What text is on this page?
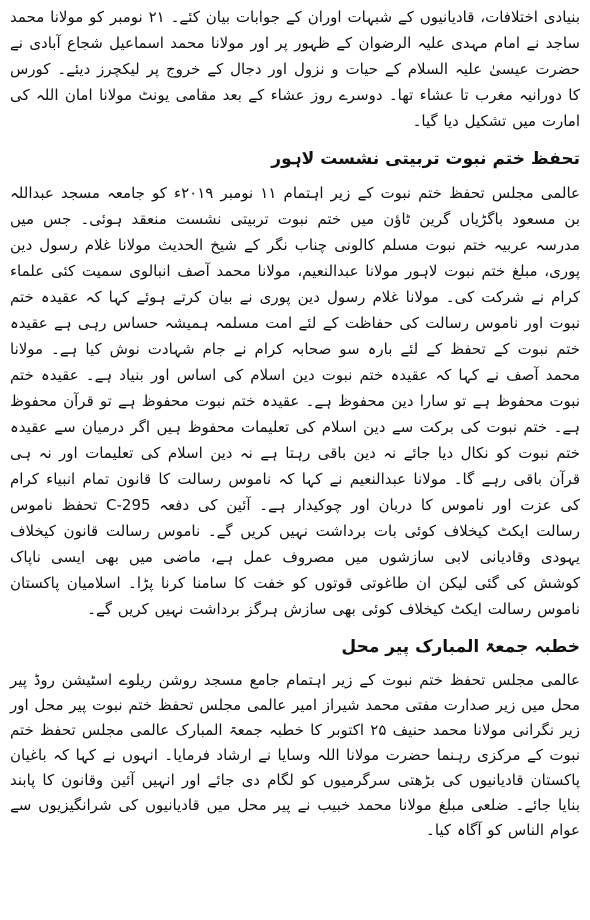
بنیادی اختلافات، قادیانیوں کے شبہات اوران کے جوابات بیان کئے۔ ۲۱ نومبر کو مولانا محمد ساجد نے امام مہدی علیہ الرضوان کے ظہور پر اور مولانا محمد اسماعیل شجاع آبادی نے حضرت عیسیٰ علیہ السلام کے حیات و نزول اور دجال کے خروج پر لیکچرز دیئے۔ کورس کا دورانیہ مغرب تا عشاء تھا۔ دوسرے روز عشاء کے بعد مقامی یونٹ مولانا امان اللہ کی امارت میں تشکیل دیا گیا۔

تحفظ ختم نبوت تربیتی نشست لاہور

عالمی مجلس تحفظ ختم نبوت کے زیر اہتمام ۱۱ نومبر ۲۰۱۹ء کو جامعہ مسجد عبداللہ بن مسعود باگڑیاں گرین ٹاؤن میں ختم نبوت تربیتی نشست منعقد ہوئی۔ جس میں مدرسہ عربیہ ختم نبوت مسلم کالونی چناب نگر کے شیخ الحدیث مولانا غلام رسول دین پوری، مبلغ ختم نبوت لاہور مولانا عبدالنعیم، مولانا محمد آصف انبالوی سمیت کئی علماء کرام نے شرکت کی۔ مولانا غلام رسول دین پوری نے بیان کرتے ہوئے کہا کہ عقیدہ ختم نبوت اور ناموس رسالت کی حفاظت کے لئے امت مسلمہ ہمیشہ حساس رہی ہے عقیدہ ختم نبوت کے تحفظ کے لئے بارہ سو صحابہ کرام نے جام شہادت نوش کیا ہے۔ مولانا محمد آصف نے کہا کہ عقیدہ ختم نبوت دین اسلام کی اساس اور بنیاد ہے۔ عقیدہ ختم نبوت محفوظ ہے تو سارا دین محفوظ ہے۔ عقیدہ ختم نبوت محفوظ ہے تو قرآن محفوظ ہے۔ ختم نبوت کی برکت سے دین اسلام کی تعلیمات محفوظ ہیں اگر درمیان سے عقیدہ ختم نبوت کو نکال دیا جائے نہ دین باقی رہتا ہے نہ دین اسلام کی تعلیمات اور نہ ہی قرآن باقی رہے گا۔ مولانا عبدالنعیم نے کہا کہ ناموس رسالت کا قانون تمام انبیاء کرام کی عزت اور ناموس کا دربان اور چوکیدار ہے۔ آئین کی دفعہ 295-C تحفظ ناموس رسالت ایکٹ کیخلاف کوئی بات برداشت نہیں کریں گے۔ ناموس رسالت قانون کیخلاف یہودی وقادیانی لابی سازشوں میں مصروف عمل ہے، ماضی میں بھی ایسی ناپاک کوشش کی گئی لیکن ان طاغوتی قوتوں کو خفت کا سامنا کرنا پڑا۔ اسلامیان پاکستان ناموس رسالت ایکٹ کیخلاف کوئی بھی سازش ہرگز برداشت نہیں کریں گے۔

خطبہ جمعۃ المبارک پیر محل

عالمی مجلس تحفظ ختم نبوت کے زیر اہتمام جامع مسجد روشن ریلوے اسٹیشن روڈ پیر محل میں زیر صدارت مفتی محمد شیراز امیر عالمی مجلس تحفظ ختم نبوت پیر محل اور زیر نگرانی مولانا محمد حنیف ۲۵ اکتوبر کا خطبہ جمعۃ المبارک عالمی مجلس تحفظ ختم نبوت کے مرکزی رہنما حضرت مولانا اللہ وسایا نے ارشاد فرمایا۔ انہوں نے کہا کہ باغیان پاکستان قادیانیوں کی بڑھتی سرگرمیوں کو لگام دی جائے اور انہیں آئین وقانون کا پابند بنایا جائے۔ ضلعی مبلغ مولانا محمد خبیب نے پیر محل میں قادیانیوں کی شرانگیزیوں سے عوام الناس کو آگاہ کیا۔
